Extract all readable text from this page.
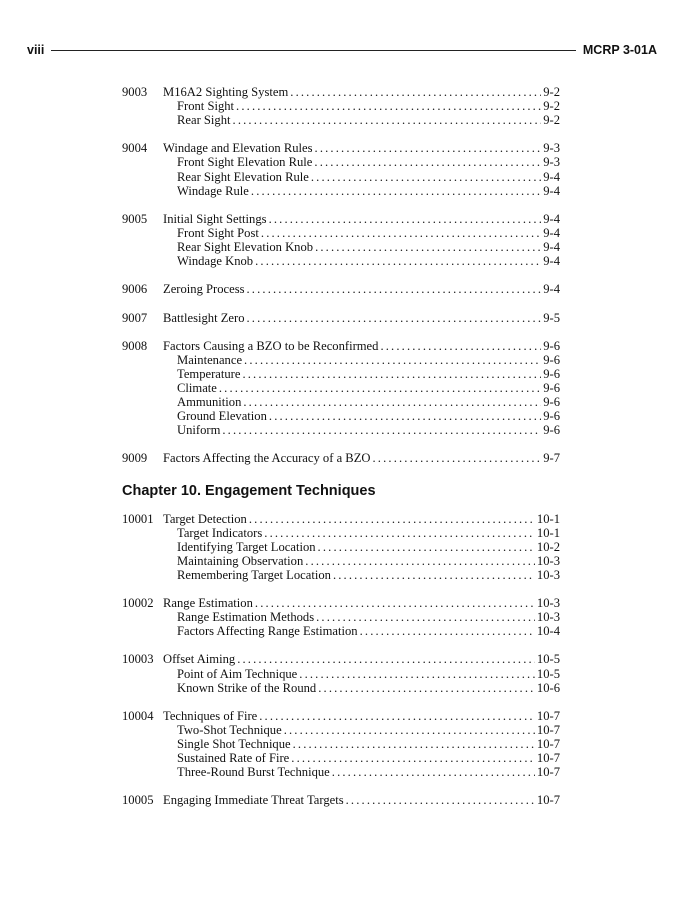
viii	MCRP 3-01A
9003	M16A2 Sighting System . . .	9-2
Front Sight . . .	9-2
Rear Sight . . .	9-2
9004	Windage and Elevation Rules . . .	9-3
Front Sight Elevation Rule . . .	9-3
Rear Sight Elevation Rule . . .	9-4
Windage Rule . . .	9-4
9005	Initial Sight Settings . . .	9-4
Front Sight Post . . .	9-4
Rear Sight Elevation Knob . . .	9-4
Windage Knob . . .	9-4
9006	Zeroing Process . . .	9-4
9007	Battlesight Zero . . .	9-5
9008	Factors Causing a BZO to be Reconfirmed . . .	9-6
Maintenance . . .	9-6
Temperature . . .	9-6
Climate . . .	9-6
Ammunition . . .	9-6
Ground Elevation . . .	9-6
Uniform . . .	9-6
9009	Factors Affecting the Accuracy of a BZO . . .	9-7
Chapter 10. Engagement Techniques
10001 Target Detection . . .	10-1
Target Indicators . . .	10-1
Identifying Target Location . . .	10-2
Maintaining Observation . . .	10-3
Remembering Target Location . . .	10-3
10002 Range Estimation . . .	10-3
Range Estimation Methods . . .	10-3
Factors Affecting Range Estimation . . .	10-4
10003 Offset Aiming . . .	10-5
Point of Aim Technique . . .	10-5
Known Strike of the Round . . .	10-6
10004 Techniques of Fire . . .	10-7
Two-Shot Technique . . .	10-7
Single Shot Technique . . .	10-7
Sustained Rate of Fire . . .	10-7
Three-Round Burst Technique . . .	10-7
10005 Engaging Immediate Threat Targets . . .	10-7
